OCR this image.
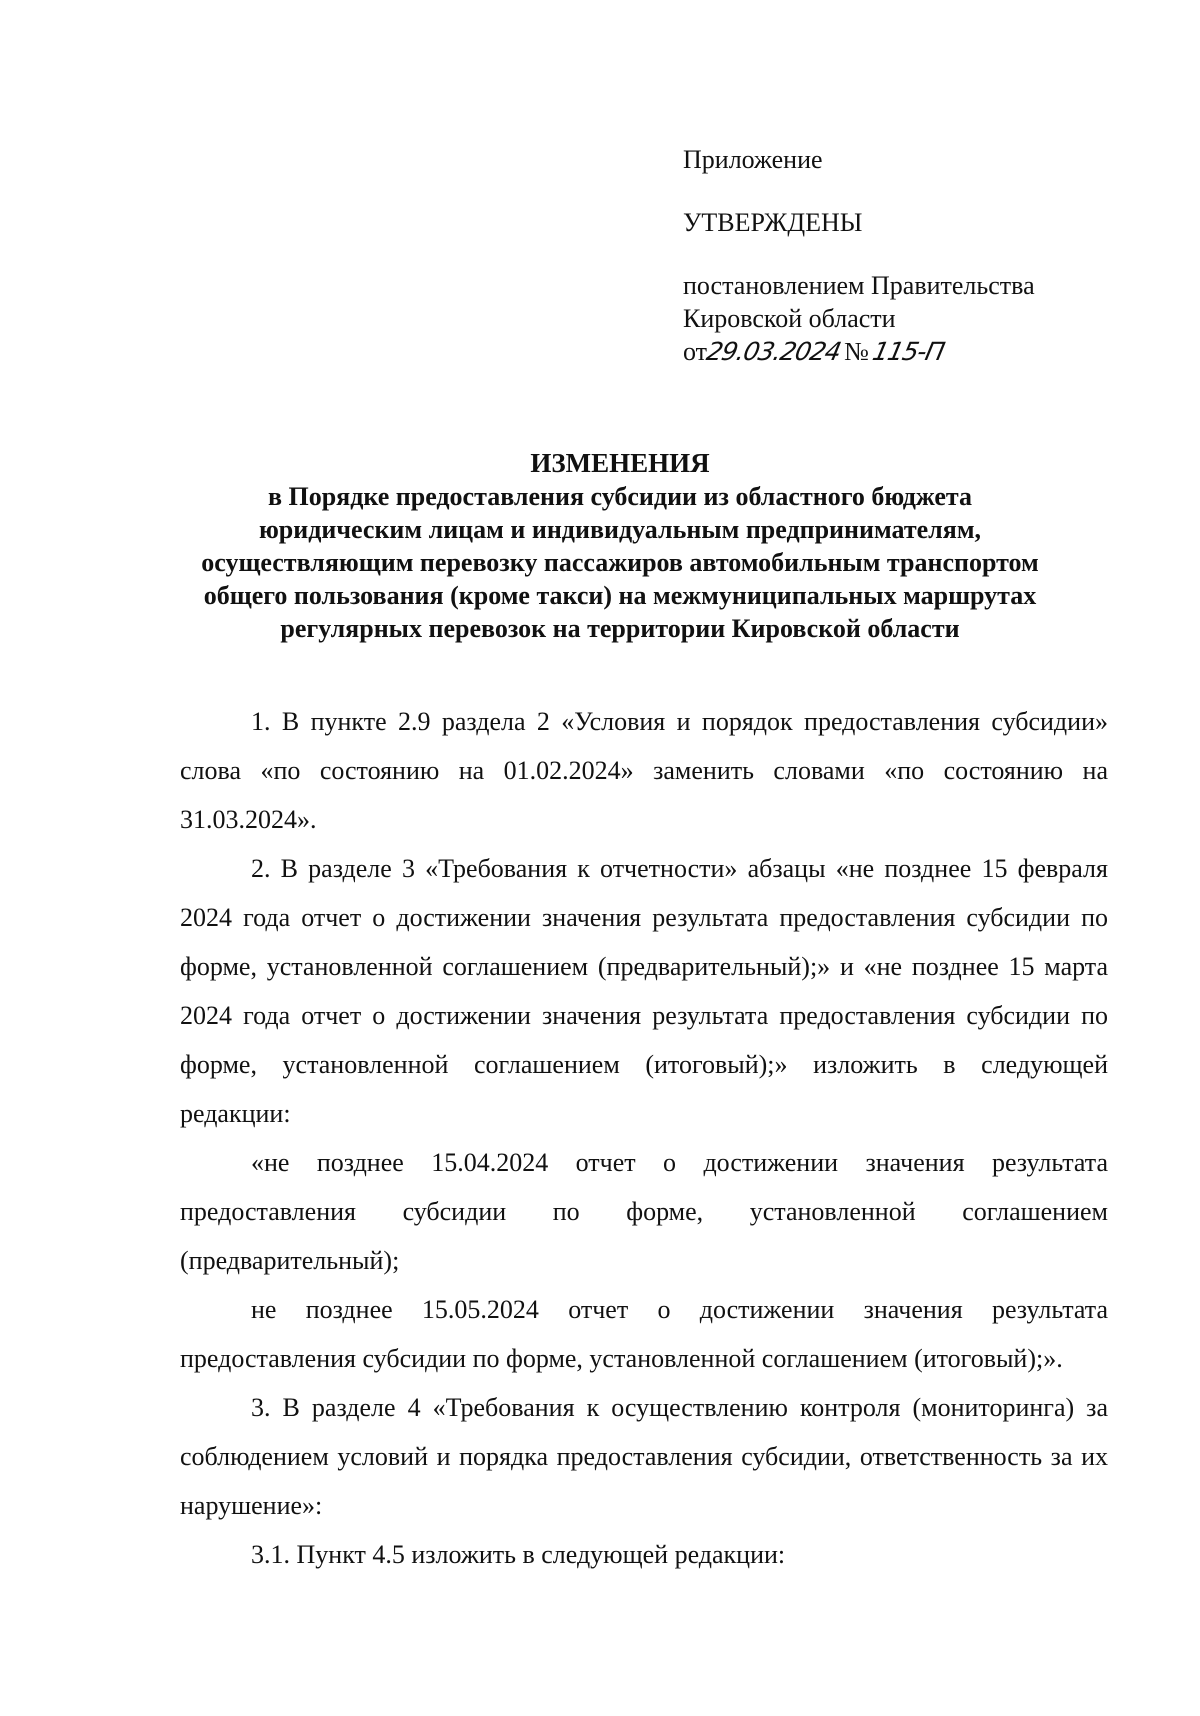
Приложение
УТВЕРЖДЕНЫ
постановлением Правительства
Кировской области
от29.03.2024№115-П
ИЗМЕНЕНИЯ
в Порядке предоставления субсидии из областного бюджета
юридическим лицам и индивидуальным предпринимателям,
осуществляющим перевозку пассажиров автомобильным транспортом
общего пользования (кроме такси) на межмуниципальных маршрутах
регулярных перевозок на территории Кировской области

1. В пункте 2.9 раздела 2 «Условия и порядок предоставления субсидии» слова «по состоянию на 01.02.2024» заменить словами «по состоянию на 31.03.2024».

2. В разделе 3 «Требования к отчетности» абзацы «не позднее 15 февраля 2024 года отчет о достижении значения результата предоставления субсидии по форме, установленной соглашением (предварительный);» и «не позднее 15 марта 2024 года отчет о достижении значения результата предоставления субсидии по форме, установленной соглашением (итоговый);» изложить в следующей редакции:

«не позднее 15.04.2024 отчет о достижении значения результата предоставления субсидии по форме, установленной соглашением (предварительный);

не позднее 15.05.2024 отчет о достижении значения результата предоставления субсидии по форме, установленной соглашением (итоговый);».

3. В разделе 4 «Требования к осуществлению контроля (мониторинга) за соблюдением условий и порядка предоставления субсидии, ответственность за их нарушение»:

3.1. Пункт 4.5 изложить в следующей редакции:
